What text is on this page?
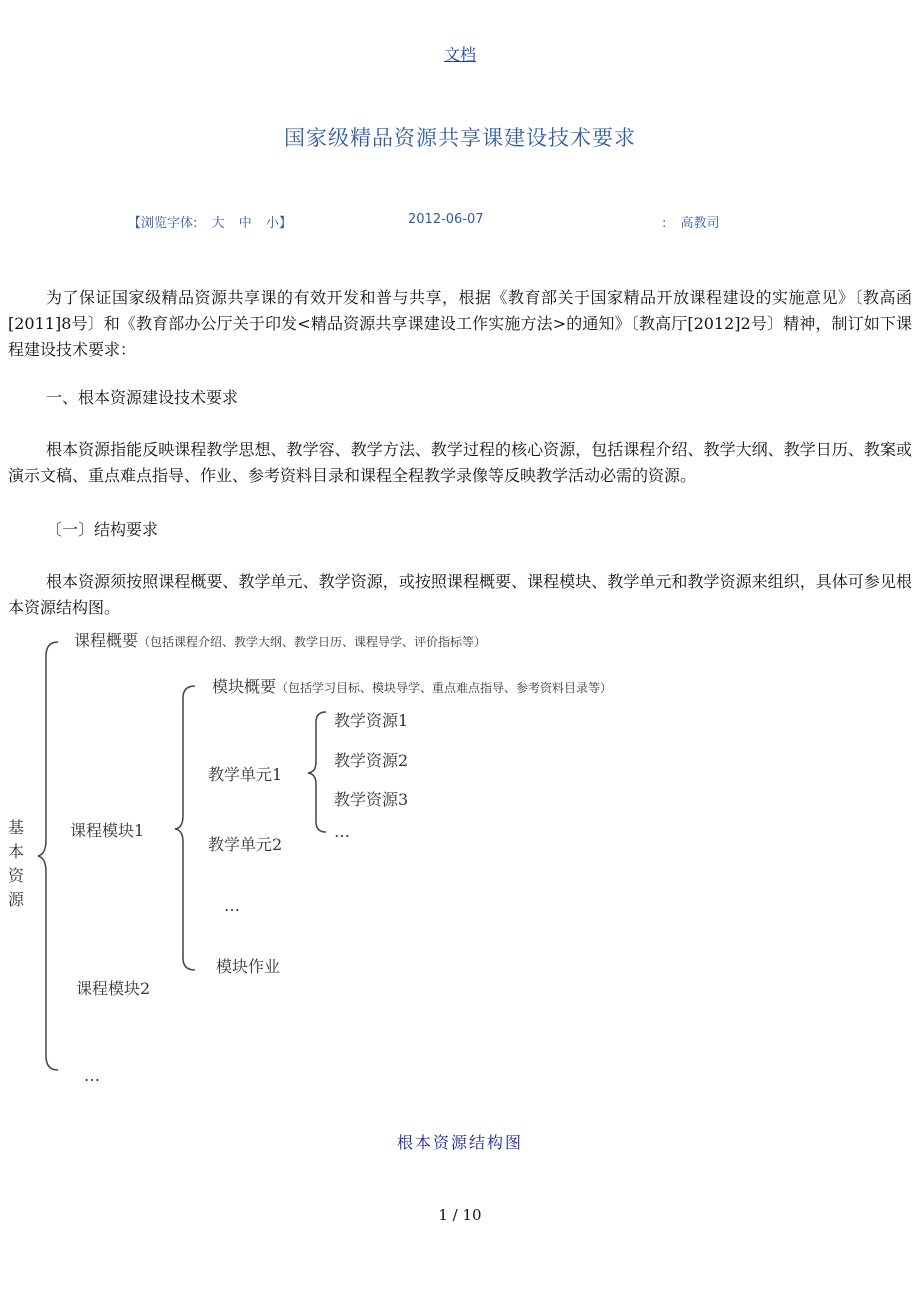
文档
国家级精品资源共享课建设技术要求
【浏览字体: 大 中 小】	2012-06-07	: 高教司
为了保证国家级精品资源共享课的有效开发和普与共享，根据《教育部关于国家精品开放课程建设的实施意见》〔教高函[2011]8号〕和《教育部办公厅关于印发<精品资源共享课建设工作实施方法>的通知》〔教高厅[2012]2号〕精神，制订如下课程建设技术要求：
一、根本资源建设技术要求
根本资源指能反映课程教学思想、教学容、教学方法、教学过程的核心资源，包括课程介绍、教学大纲、教学日历、教案或演示文稿、重点难点指导、作业、参考资料目录和课程全程教学录像等反映教学活动必需的资源。
〔一〕结构要求
根本资源须按照课程概要、教学单元、教学资源，或按照课程概要、课程模块、教学单元和教学资源来组织，具体可参见根本资源结构图。
基
本
资
源
课程概要（包括课程介绍、教学大纲、教学日历、课程导学、评价指标等）
课程模块1
课程模块2
…
模块概要（包括学习目标、模块导学、重点难点指导、参考资料目录等）
教学单元1
教学单元2
…
模块作业
教学资源1
教学资源2
教学资源3
…
根本资源结构图
1 / 10
